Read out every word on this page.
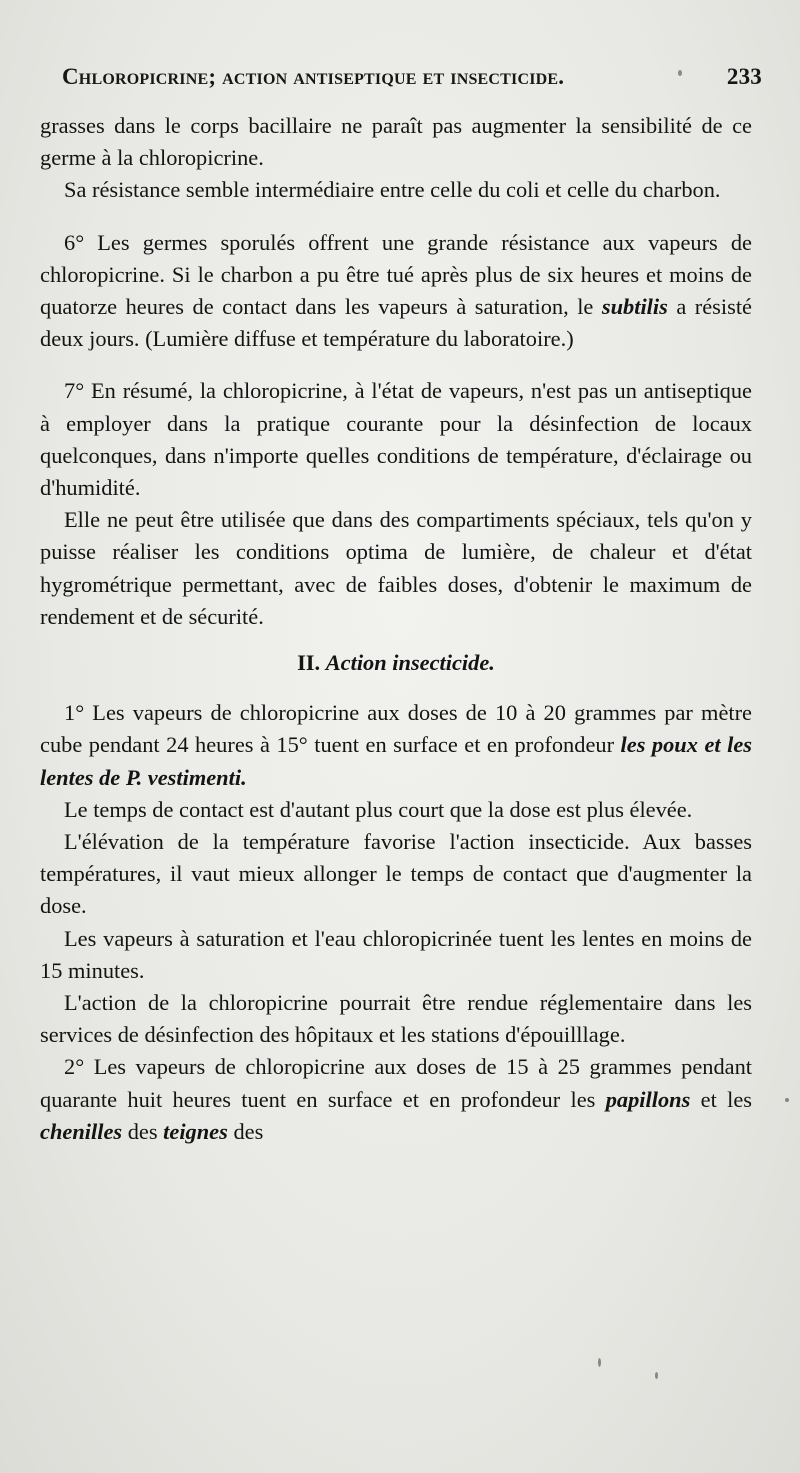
Chloropicrine; action antiseptique et insecticide.	233

grasses dans le corps bacillaire ne paraît pas augmenter la sensibilité de ce germe à la chloropicrine.

Sa résistance semble intermédiaire entre celle du coli et celle du charbon.

6° Les germes sporulés offrent une grande résistance aux vapeurs de chloropicrine. Si le charbon a pu être tué après plus de six heures et moins de quatorze heures de contact dans les vapeurs à saturation, le subtilis a résisté deux jours. (Lumière diffuse et température du laboratoire.)

7° En résumé, la chloropicrine, à l'état de vapeurs, n'est pas un antiseptique à employer dans la pratique courante pour la désinfection de locaux quelconques, dans n'importe quelles conditions de température, d'éclairage ou d'humidité.

Elle ne peut être utilisée que dans des compartiments spéciaux, tels qu'on y puisse réaliser les conditions optima de lumière, de chaleur et d'état hygrométrique permettant, avec de faibles doses, d'obtenir le maximum de rendement et de sécurité.

II. Action insecticide.

1° Les vapeurs de chloropicrine aux doses de 10 à 20 grammes par mètre cube pendant 24 heures à 15° tuent en surface et en profondeur les poux et les lentes de P. vestimenti.

Le temps de contact est d'autant plus court que la dose est plus élevée.

L'élévation de la température favorise l'action insecticide. Aux basses températures, il vaut mieux allonger le temps de contact que d'augmenter la dose.

Les vapeurs à saturation et l'eau chloropicrinée tuent les lentes en moins de 15 minutes.

L'action de la chloropicrine pourrait être rendue réglementaire dans les services de désinfection des hôpitaux et les stations d'épouilllage.

2° Les vapeurs de chloropicrine aux doses de 15 à 25 grammes pendant quarante huit heures tuent en surface et en profondeur les papillons et les chenilles des teignes des
